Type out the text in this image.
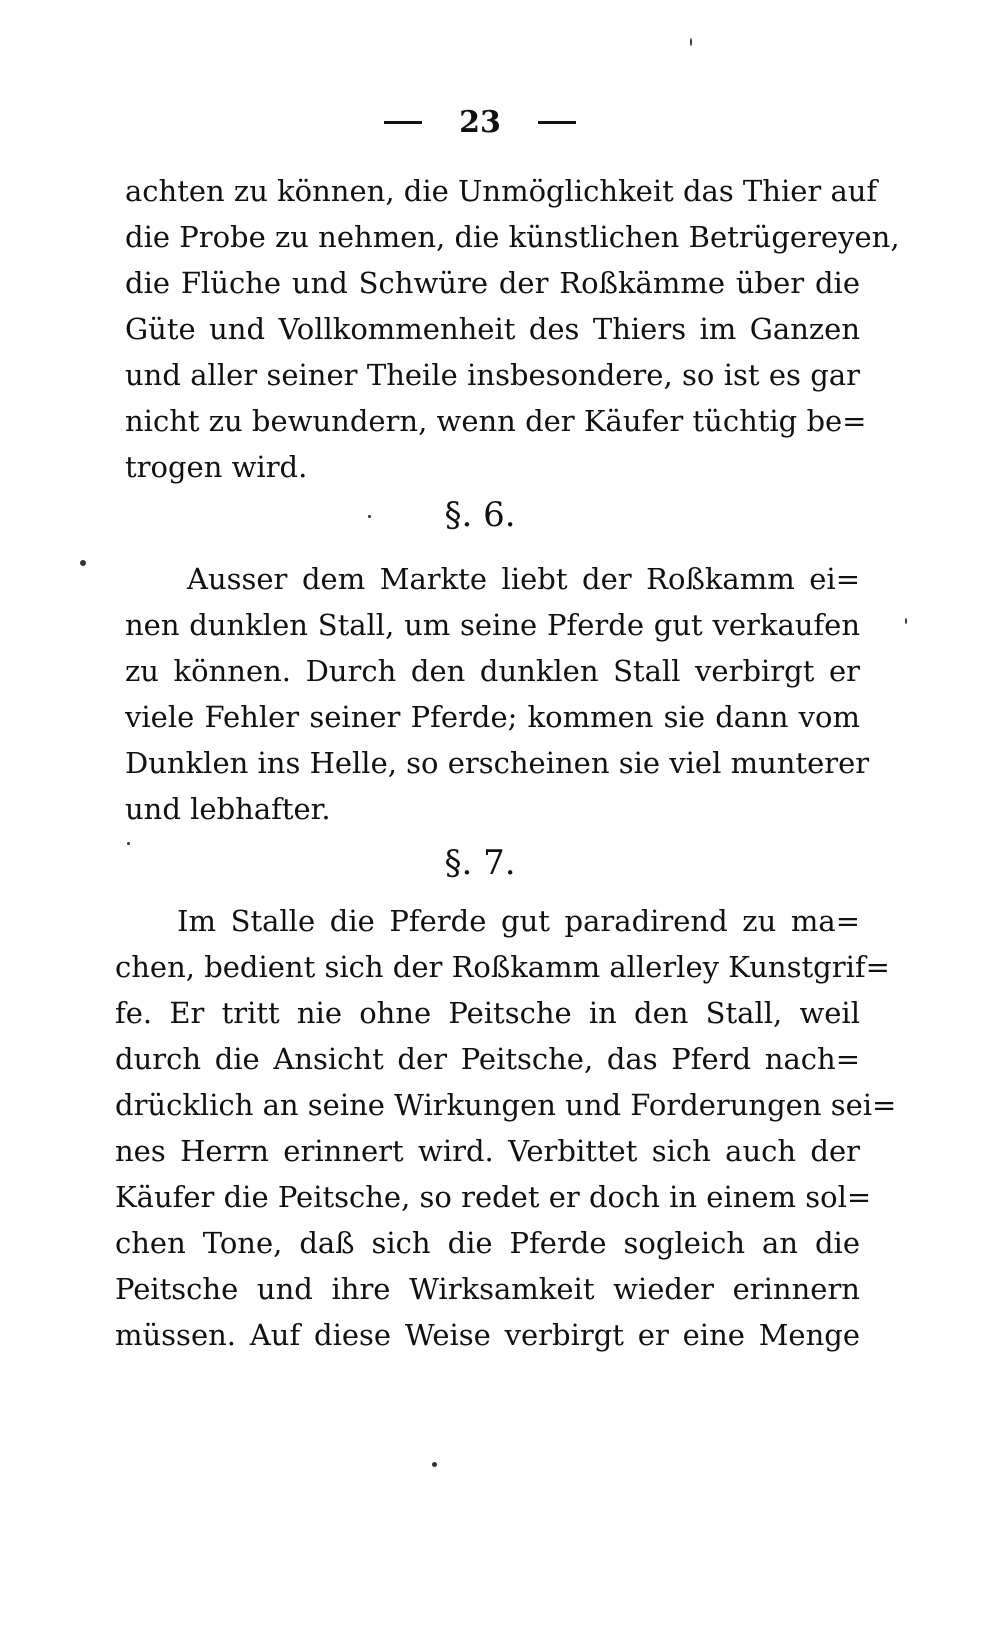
23
achten zu können, die Unmöglichkeit das Thier auf
die Probe zu nehmen, die künstlichen Betrügereyen,
die Flüche und Schwüre der Roßkämme über die
Güte und Vollkommenheit des Thiers im Ganzen
und aller seiner Theile insbesondere, so ist es gar
nicht zu bewundern, wenn der Käufer tüchtig be=
trogen wird.
§. 6.
Ausser dem Markte liebt der Roßkamm ei=
nen dunklen Stall, um seine Pferde gut verkaufen
zu können. Durch den dunklen Stall verbirgt er
viele Fehler seiner Pferde; kommen sie dann vom
Dunklen ins Helle, so erscheinen sie viel munterer
und lebhafter.
§. 7.
Im Stalle die Pferde gut paradirend zu ma=
chen, bedient sich der Roßkamm allerley Kunstgrif=
fe. Er tritt nie ohne Peitsche in den Stall, weil
durch die Ansicht der Peitsche, das Pferd nach=
drücklich an seine Wirkungen und Forderungen sei=
nes Herrn erinnert wird. Verbittet sich auch der
Käufer die Peitsche, so redet er doch in einem sol=
chen Tone, daß sich die Pferde sogleich an die
Peitsche und ihre Wirksamkeit wieder erinnern
müssen. Auf diese Weise verbirgt er eine Menge
